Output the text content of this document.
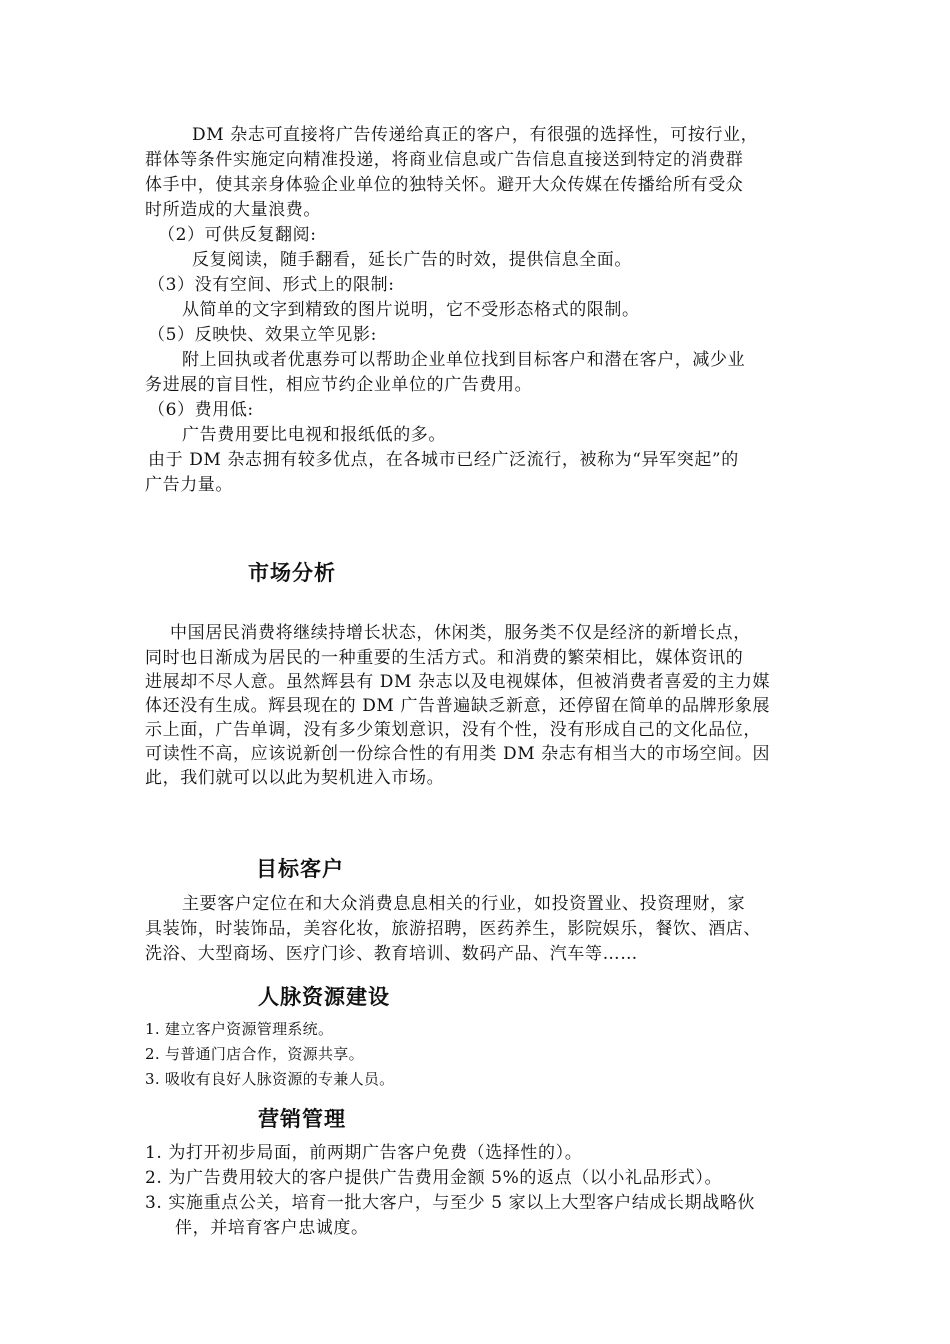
DM 杂志可直接将广告传递给真正的客户，有很强的选择性，可按行业，
群体等条件实施定向精准投递，将商业信息或广告信息直接送到特定的消费群
体手中，使其亲身体验企业单位的独特关怀。避开大众传媒在传播给所有受众
时所造成的大量浪费。
（2）可供反复翻阅:
反复阅读，随手翻看，延长广告的时效，提供信息全面。
（3）没有空间、形式上的限制:
从简单的文字到精致的图片说明，它不受形态格式的限制。
（5）反映快、效果立竿见影:
附上回执或者优惠券可以帮助企业单位找到目标客户和潜在客户，减少业
务进展的盲目性，相应节约企业单位的广告费用。
（6）费用低:
广告费用要比电视和报纸低的多。
由于 DM 杂志拥有较多优点，在各城市已经广泛流行，被称为“异军突起”的
广告力量。
市场分析
中国居民消费将继续持增长状态，休闲类，服务类不仅是经济的新增长点，
同时也日渐成为居民的一种重要的生活方式。和消费的繁荣相比，媒体资讯的
进展却不尽人意。虽然辉县有 DM 杂志以及电视媒体，但被消费者喜爱的主力媒
体还没有生成。辉县现在的 DM 广告普遍缺乏新意，还停留在简单的品牌形象展
示上面，广告单调，没有多少策划意识，没有个性，没有形成自己的文化品位，
可读性不高，应该说新创一份综合性的有用类 DM 杂志有相当大的市场空间。因
此，我们就可以以此为契机进入市场。
目标客户
主要客户定位在和大众消费息息相关的行业，如投资置业、投资理财，家
具装饰，时装饰品，美容化妆，旅游招聘，医药养生，影院娱乐，餐饮、酒店、
洗浴、大型商场、医疗门诊、教育培训、数码产品、汽车等……
人脉资源建设
1. 建立客户资源管理系统。
2. 与普通门店合作，资源共享。
3. 吸收有良好人脉资源的专兼人员。
营销管理
1. 为打开初步局面，前两期广告客户免费（选择性的）。
2. 为广告费用较大的客户提供广告费用金额 5%的返点（以小礼品形式）。
3. 实施重点公关，培育一批大客户，与至少 5 家以上大型客户结成长期战略伙
伴，并培育客户忠诚度。
